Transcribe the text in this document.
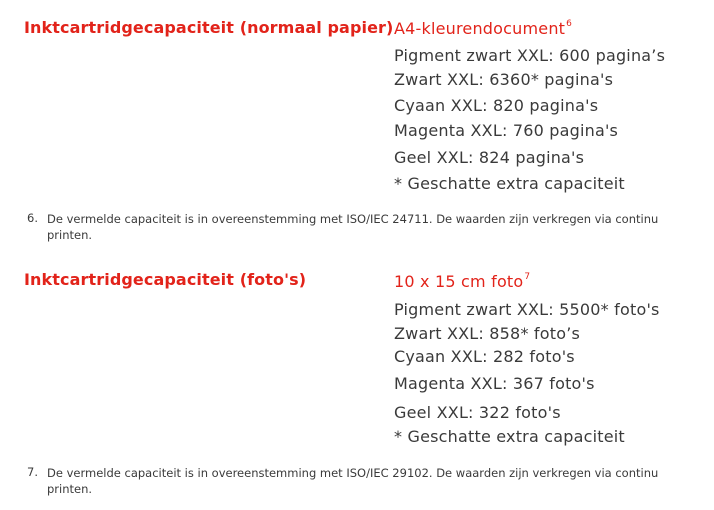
Inktcartridgecapaciteit (normaal papier) A4-kleurendocument$^6$
Pigment zwart XXL: 600 pagina’s
Zwart XXL: 6360* pagina's
Cyaan XXL: 820 pagina's
Magenta XXL: 760 pagina's
Geel XXL: 824 pagina's
* Geschatte extra capaciteit
6. De vermelde capaciteit is in overeenstemming met ISO/IEC 24711. De waarden zijn verkregen via continu printen.
Inktcartridgecapaciteit (foto's)	10 x 15 cm foto$^7$
Pigment zwart XXL: 5500* foto's
Zwart XXL: 858* foto’s
Cyaan XXL: 282 foto's
Magenta XXL: 367 foto's
Geel XXL: 322 foto's
* Geschatte extra capaciteit
7. De vermelde capaciteit is in overeenstemming met ISO/IEC 29102. De waarden zijn verkregen via continu printen.
